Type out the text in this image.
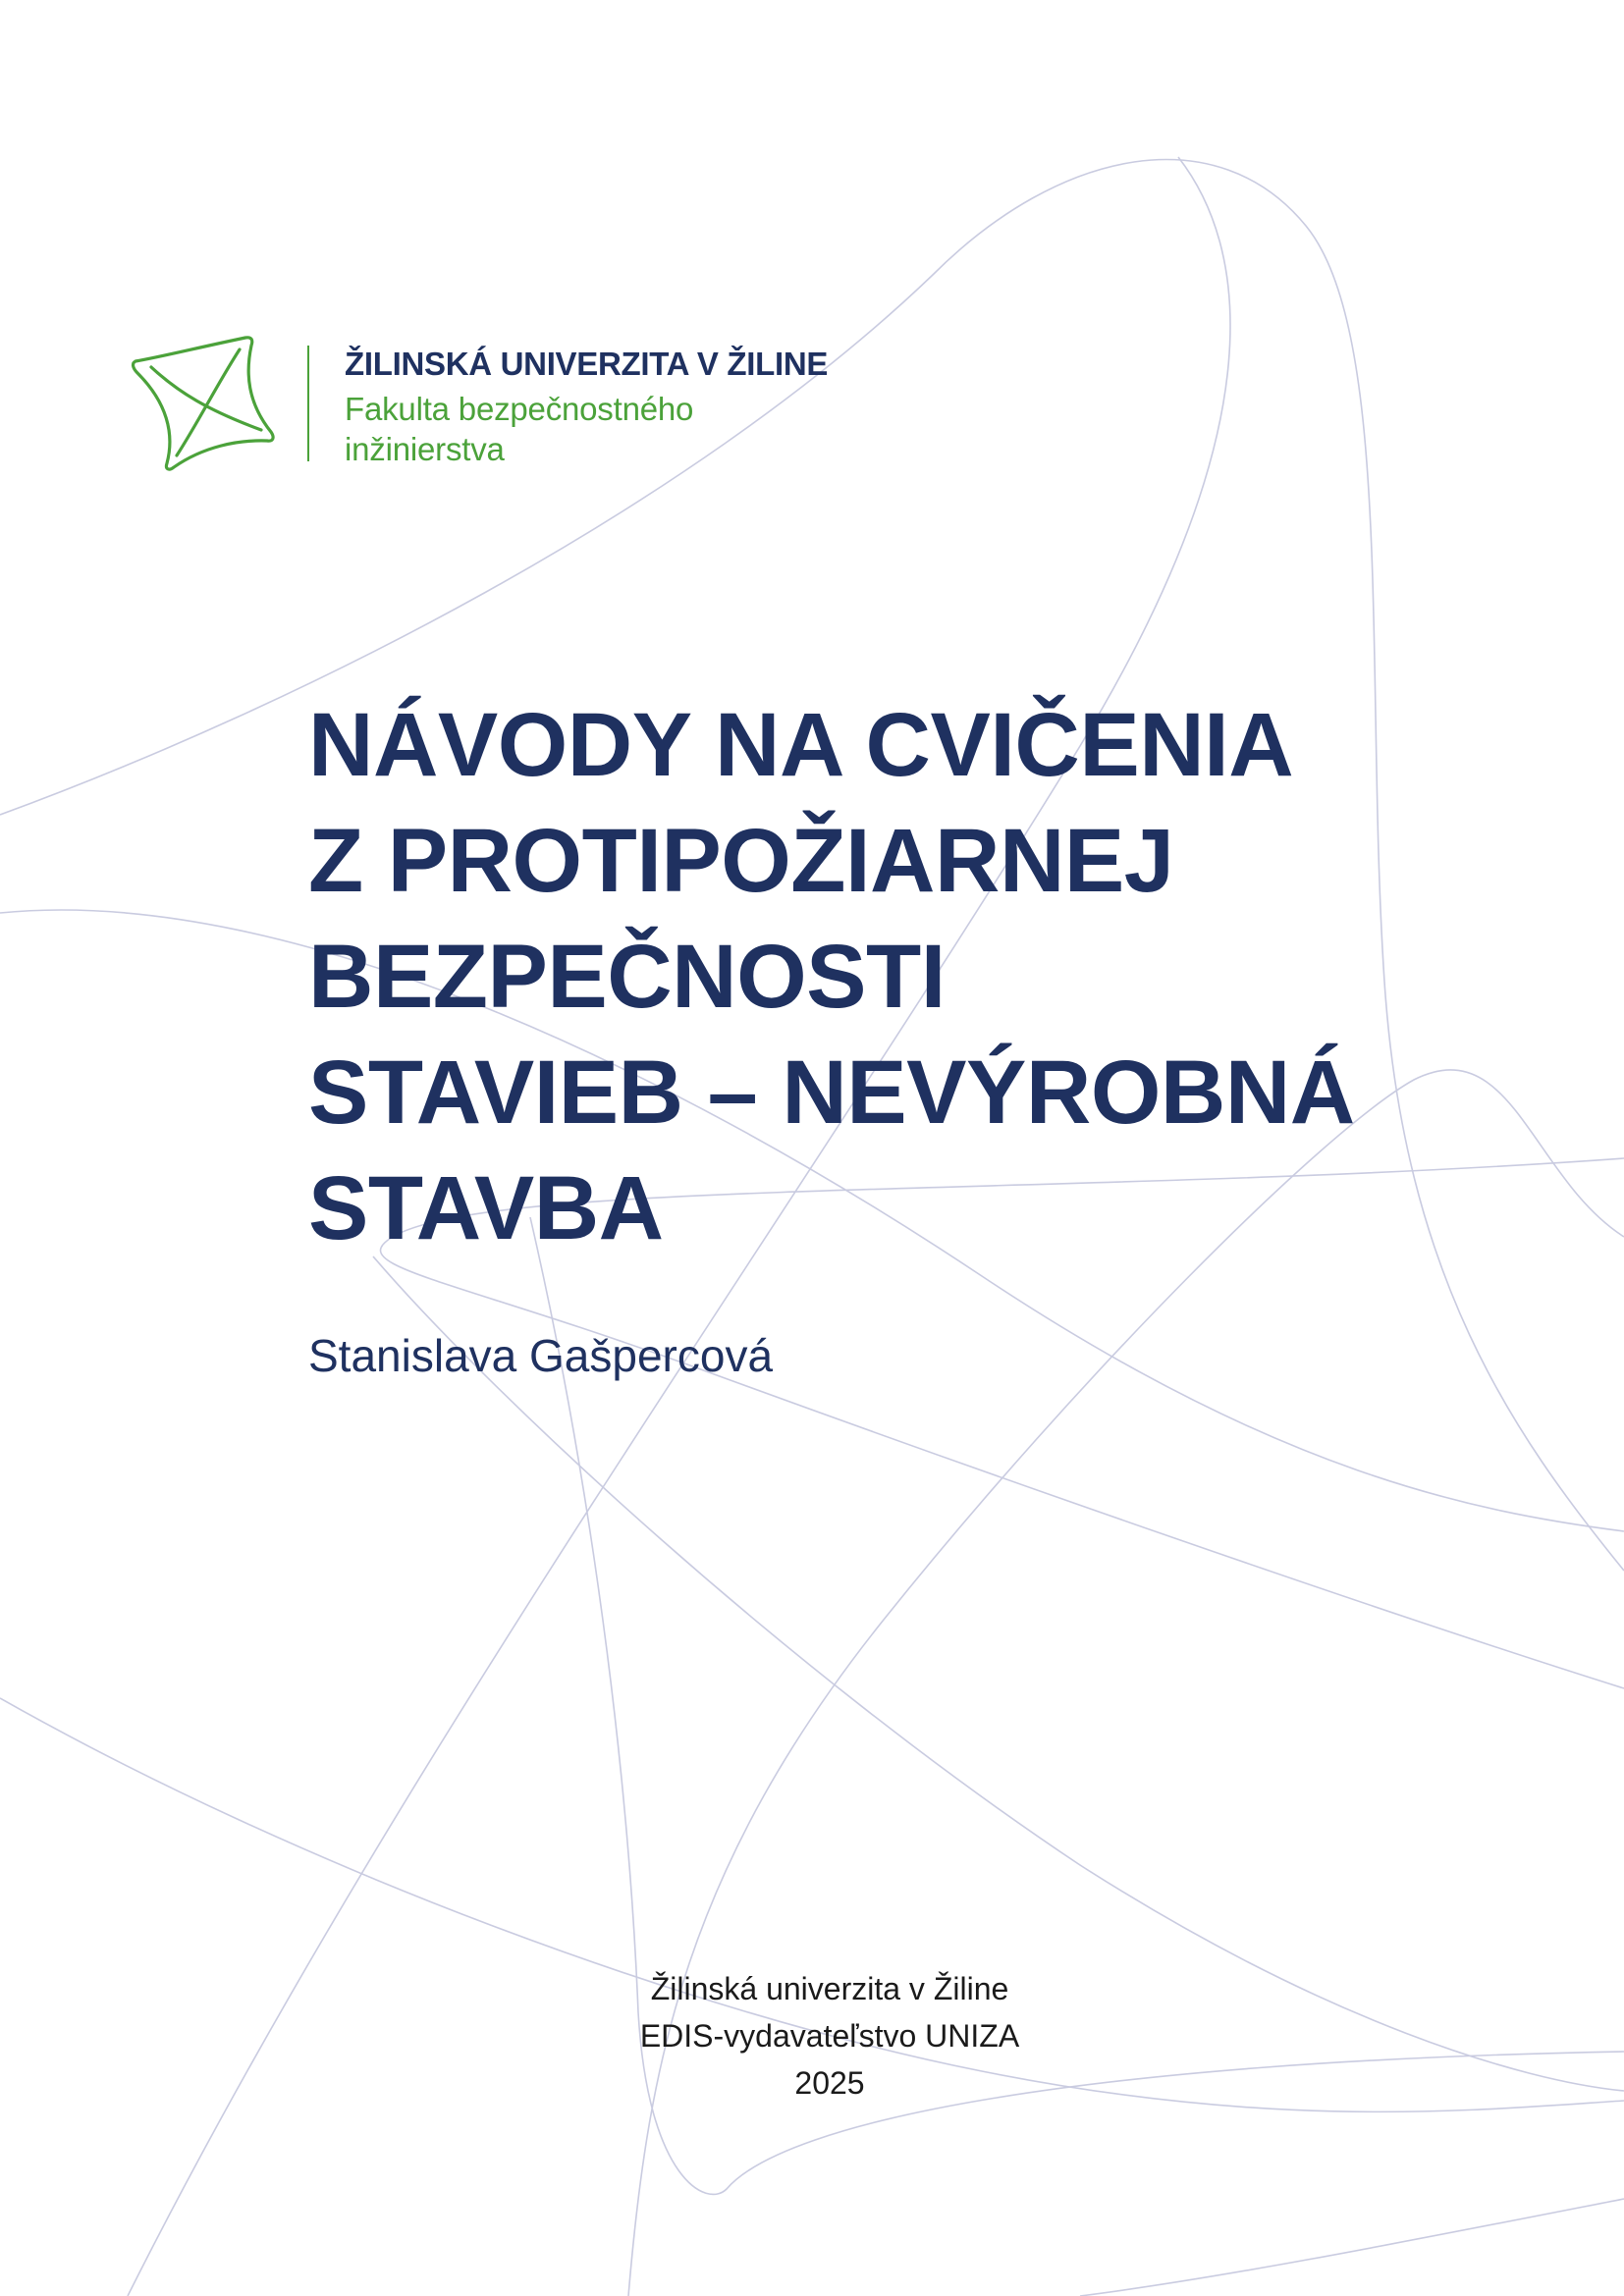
ŽILINSKÁ UNIVERZITA V ŽILINE
Fakulta bezpečnostného
inžinierstva
NÁVODY NA CVIČENIA
Z PROTIPOŽIARNEJ
BEZPEČNOSTI
STAVIEB – NEVÝROBNÁ
STAVBA
Stanislava Gašpercová
Žilinská univerzita v Žiline
EDIS-vydavateľstvo UNIZA
2025
